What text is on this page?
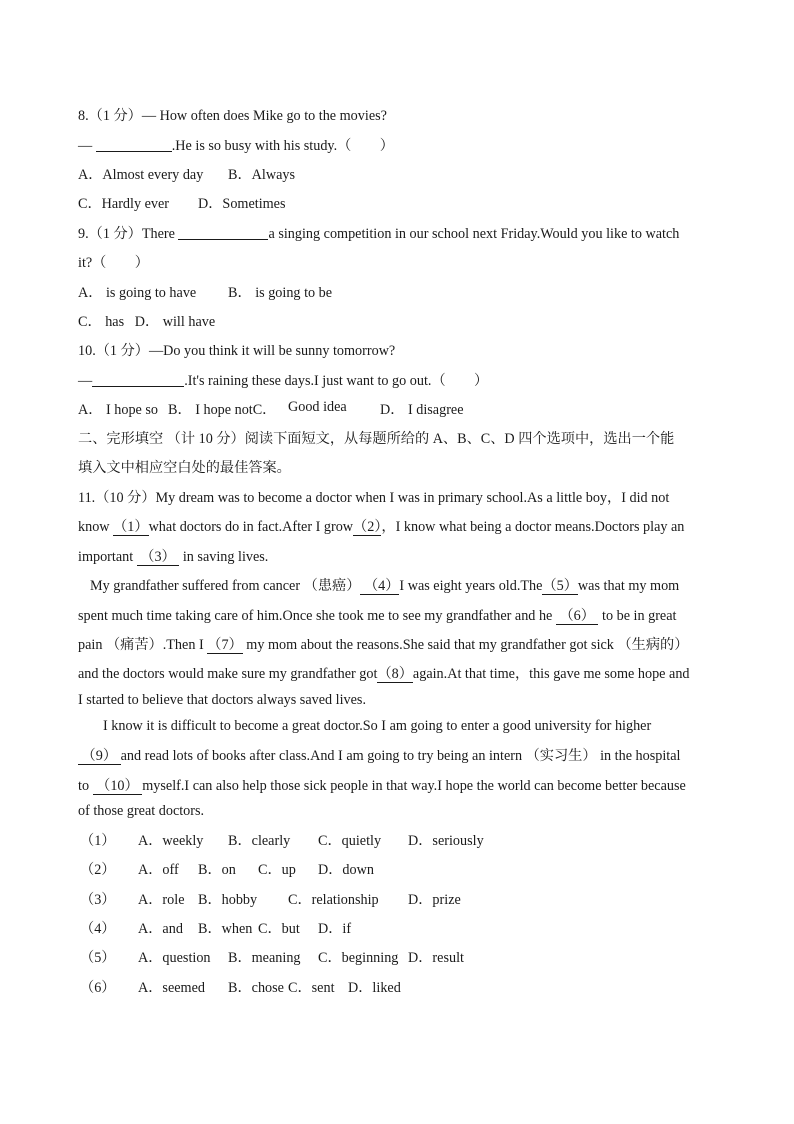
8.（1 分）— How often does Mike go to the movies?
—	.He is so busy with his study.（　　）
A．Almost every day B．Always
C．Hardly ever D．Sometimes
9.（1 分）There	a singing competition in our school next Friday.Would you like to watch
it?（　　）
A． is going to have B． is going to be
C． has   D． will have
10.（1 分）—Do you think it will be sunny tomorrow?
—	.It's raining these days.I just want to go out.（　　）
A． I hope so B． I hope notC． Good idea D． I disagree
二、完形填空 （计 10 分）阅读下面短文，从每题所给的 A、B、C、D 四个选项中，选出一个能
填入文中相应空白处的最佳答案。
11.（10 分）My dream was to become a doctor when I was in primary school.As a little boy，I did not
know （1）what doctors do in fact.After I grow（2），I know what being a doctor means.Doctors play an
important  （3）  in saving lives.
My grandfather suffered from cancer （患癌） （4）I was eight years old.The（5）was that my mom
spent much time taking care of him.Once she took me to see my grandfather and he  （6）  to be in great
pain （痛苦）.Then I （7） my mom about the reasons.She said that my grandfather got sick （生病的）
and the doctors would make sure my grandfather got（8）again.At that time，this gave me some hope and
I started to believe that doctors always saved lives.
I know it is difficult to become a great doctor.So I am going to enter a good university for higher
（9） and read lots of books after class.And I am going to try being an intern （实习生） in the hospital
to  （10） myself.I can also help those sick people in that way.I hope the world can become better because
of those great doctors.
（1） A．weekly B．clearly C．quietly D．seriously
（2） A．off B．on C．up D．down
（3） A．role B．hobby C．relationship D．prize
（4） A．and B．when C．but D．if
（5） A．question B．meaning C．beginning D．result
（6） A．seemed B．chose C．sent D．liked
